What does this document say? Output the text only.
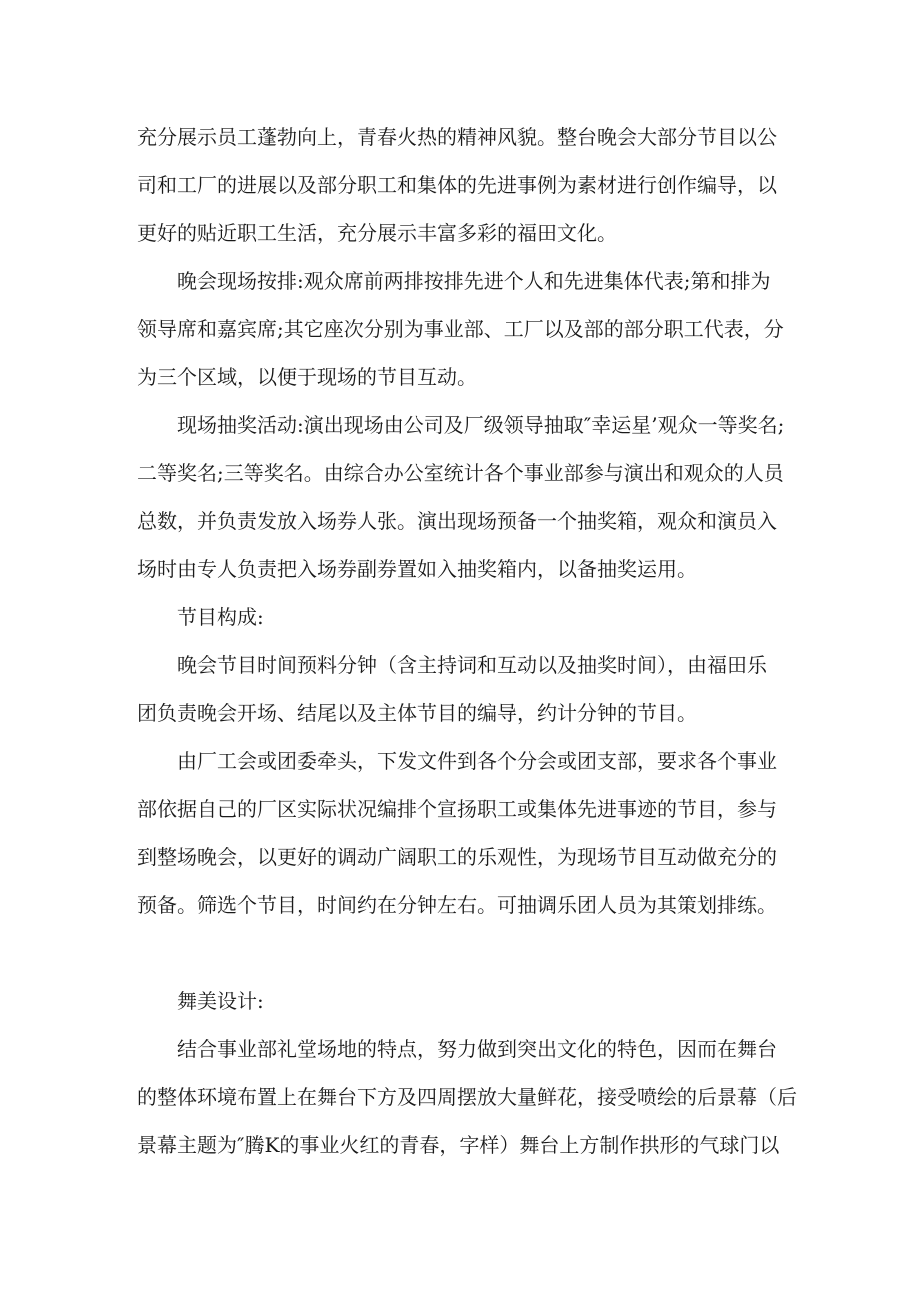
充分展示员工蓬勃向上，青春火热的精神风貌。整台晚会大部分节目以公
司和工厂的进展以及部分职工和集体的先进事例为素材进行创作编导，以
更好的贴近职工生活，充分展示丰富多彩的福田文化。
晚会现场按排:观众席前两排按排先进个人和先进集体代表;第和排为
领导席和嘉宾席;其它座次分别为事业部、工厂以及部的部分职工代表，分
为三个区域，以便于现场的节目互动。
现场抽奖活动:演出现场由公司及厂级领导抽取″幸运星’观众一等奖名;
二等奖名;三等奖名。由综合办公室统计各个事业部参与演出和观众的人员
总数，并负责发放入场券人张。演出现场预备一个抽奖箱，观众和演员入
场时由专人负责把入场券副券置如入抽奖箱内，以备抽奖运用。
节目构成:
晚会节目时间预料分钟（含主持词和互动以及抽奖时间），由福田乐
团负责晚会开场、结尾以及主体节目的编导，约计分钟的节目。
由厂工会或团委牵头，下发文件到各个分会或团支部，要求各个事业
部依据自己的厂区实际状况编排个宣扬职工或集体先进事迹的节目，参与
到整场晚会，以更好的调动广阔职工的乐观性，为现场节目互动做充分的
预备。筛选个节目，时间约在分钟左右。可抽调乐团人员为其策划排练。
舞美设计:
结合事业部礼堂场地的特点，努力做到突出文化的特色，因而在舞台
的整体环境布置上在舞台下方及四周摆放大量鲜花，接受喷绘的后景幕（后
景幕主题为″腾K的事业火红的青春，字样）舞台上方制作拱形的气球门以
